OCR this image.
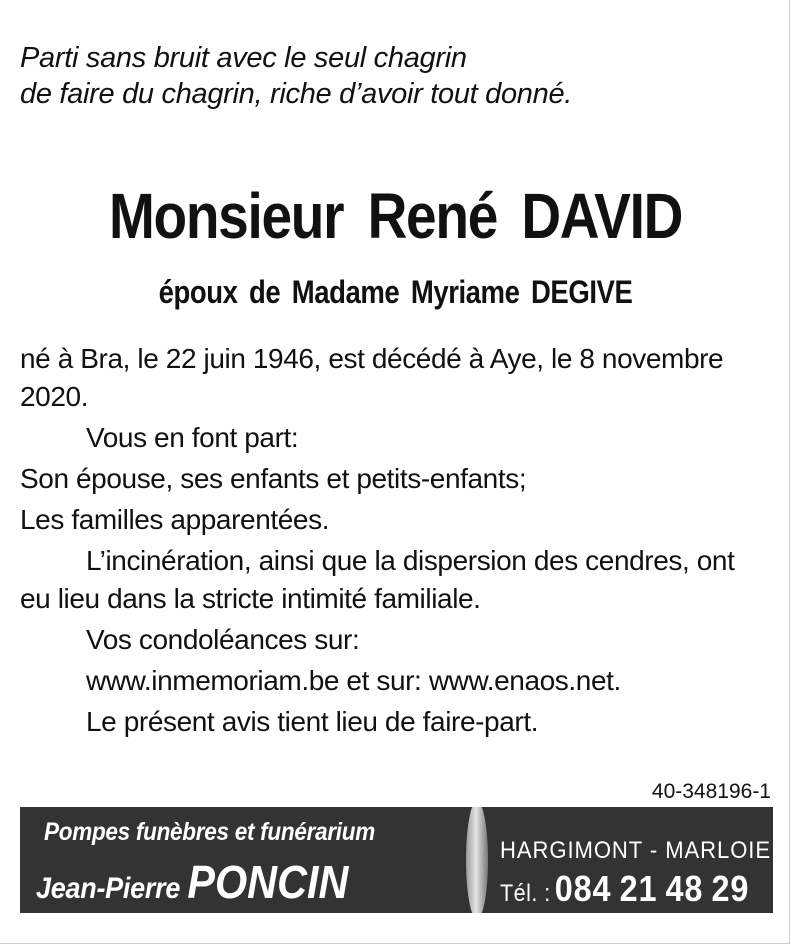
Parti sans bruit avec le seul chagrin
de faire du chagrin, riche d’avoir tout donné.
Monsieur René DAVID
époux de Madame Myriame DEGIVE

né à Bra, le 22 juin 1946, est décédé à Aye, le 8 novembre 2020.

Vous en font part:

Son épouse, ses enfants et petits-enfants;

Les familles apparentées.

L’incinération, ainsi que la dispersion des cendres, ont eu lieu dans la stricte intimité familiale.

Vos condoléances sur:

www.inmemoriam.be et sur: www.enaos.net.

Le présent avis tient lieu de faire-part.

40-348196-1
Pompes funèbres et funérarium
Jean-Pierre PONCIN
HARGIMONT - MARLOIE
Tél. : 084 21 48 29
